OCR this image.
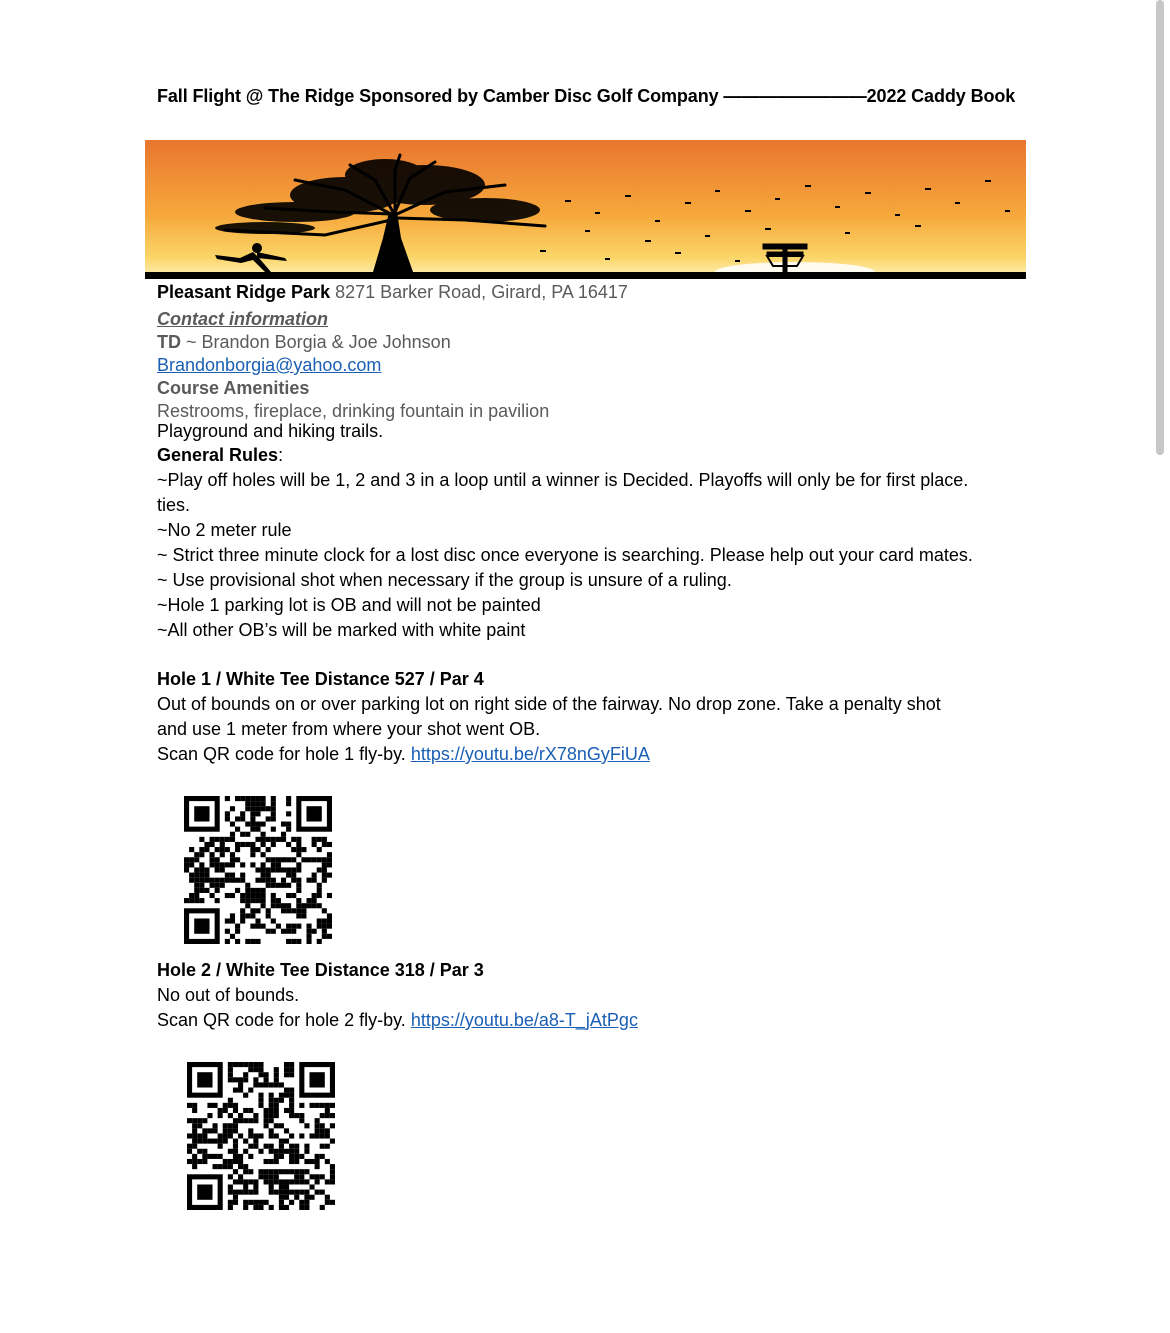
Fall Flight @ The Ridge Sponsored by Camber Disc Golf Company ————————2022 Caddy Book
Pleasant Ridge Park 8271 Barker Road, Girard, PA 16417
Contact information
TD ~ Brandon Borgia & Joe Johnson
Brandonborgia@yahoo.com
Course Amenities
Restrooms, fireplace, drinking fountain in pavilion
Playground and hiking trails.
General Rules:
~Play off holes will be 1, 2 and 3 in a loop until a winner is Decided. Playoffs will only be for first place.
ties.
~No 2 meter rule
~ Strict three minute clock for a lost disc once everyone is searching. Please help out your card mates.
~ Use provisional shot when necessary if the group is unsure of a ruling.
~Hole 1 parking lot is OB and will not be painted
~All other OB’s will be marked with white paint
Hole 1 / White Tee Distance 527 / Par 4
Out of bounds on or over parking lot on right side of the fairway. No drop zone. Take a penalty shot
and use 1 meter from where your shot went OB.
Scan QR code for hole 1 fly-by. https://youtu.be/rX78nGyFiUA
Hole 2 / White Tee Distance 318 / Par 3
No out of bounds.
Scan QR code for hole 2 fly-by. https://youtu.be/a8-T_jAtPgc
